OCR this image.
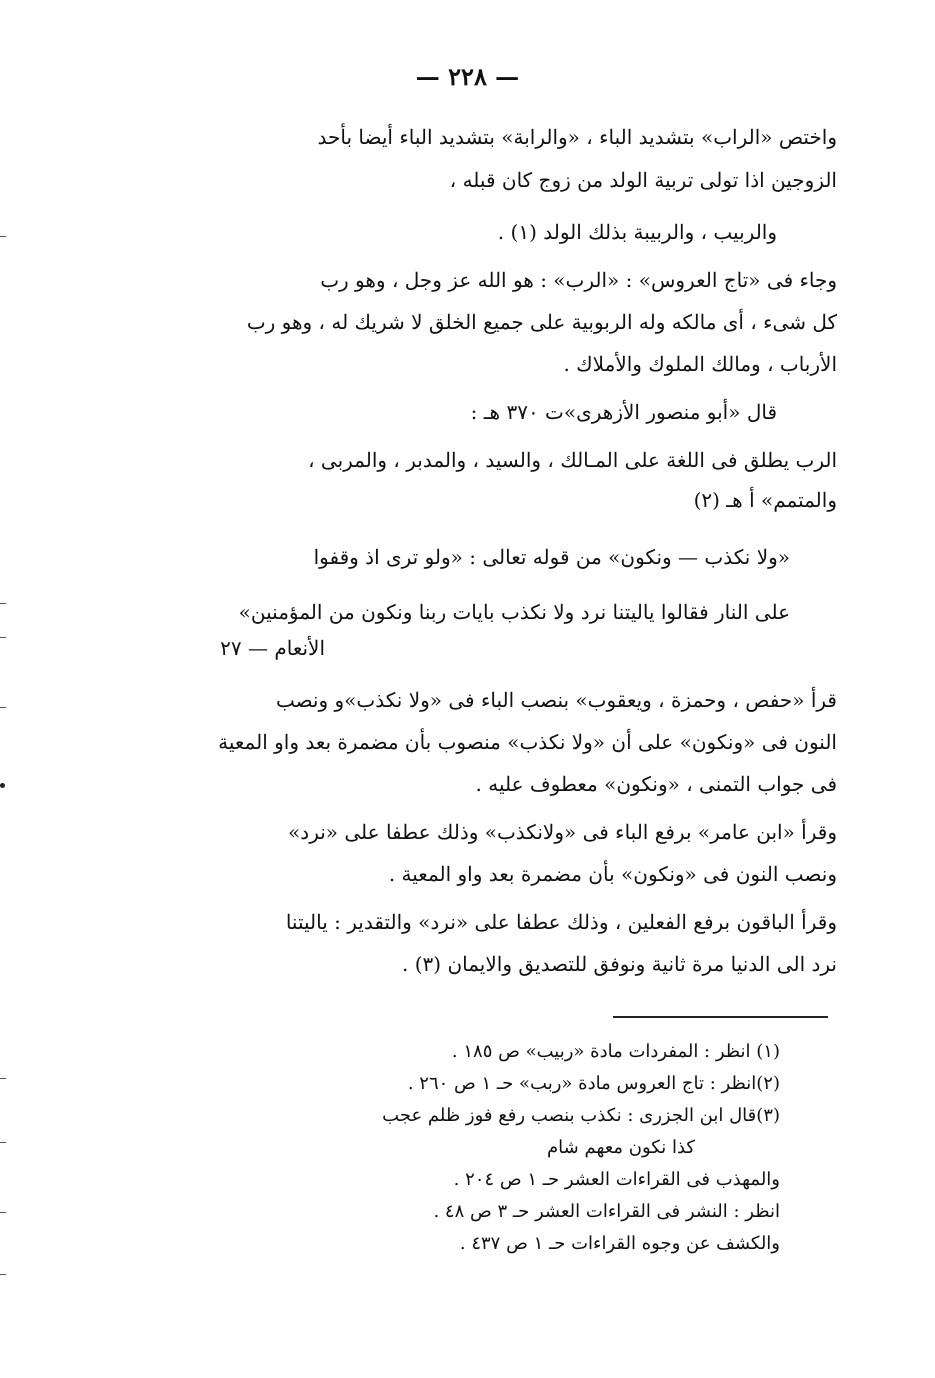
— ٢٢٨ —
واختص «الراب» بتشديد الباء ، «والرابة» بتشديد الباء أيضا بأحد
الزوجين اذا تولى تربية الولد من زوج كان قبله ،
والربيب ، والربيبة بذلك الولد (١) .
وجاء فى «تاج العروس» : «الرب» : هو الله عز وجل ، وهو رب
كل شىء ، أى مالكه وله الربوبية على جميع الخلق لا شريك له ، وهو رب
الأرباب ، ومالك الملوك والأملاك .
قال «أبو منصور الأزهرى»ت ٣٧٠ هـ :
الرب يطلق فى اللغة على المـالك ، والسيد ، والمدبر ، والمربى ،
والمتمم» أ هـ (٢)
«ولا نكذب — ونكون» من قوله تعالى : «ولو ترى اذ وقفوا
على النار فقالوا ياليتنا نرد ولا نكذب بايات ربنا ونكون من المؤمنين»
الأنعام — ٢٧
قرأ «حفص ، وحمزة ، ويعقوب» بنصب الباء فى «ولا نكذب»و ونصب
النون فى «ونكون» على أن «ولا نكذب» منصوب بأن مضمرة بعد واو المعية
فى جواب التمنى ، «ونكون» معطوف عليه .
وقرأ «ابن عامر» برفع الباء فى «ولانكذب» وذلك عطفا على «نرد»
ونصب النون فى «ونكون» بأن مضمرة بعد واو المعية .
وقرأ الباقون برفع الفعلين ، وذلك عطفا على «نرد» والتقدير : ياليتنا
نرد الى الدنيا مرة ثانية ونوفق للتصديق والايمان (٣) .
(١) انظر : المفردات مادة «ربيب» ص ١٨٥ .
(٢)انظر : تاج العروس مادة «ربب» حـ ١ ص ٢٦٠ .
(٣)قال ابن الجزرى : نكذب بنصب رفع فوز ظلم عجب
كذا نكون معهم شام
والمهذب فى القراءات العشر حـ ١ ص ٢٠٤ .
انظر : النشر فى القراءات العشر حـ ٣ ص ٤٨ .
والكشف عن وجوه القراءات حـ ١ ص ٤٣٧ .
